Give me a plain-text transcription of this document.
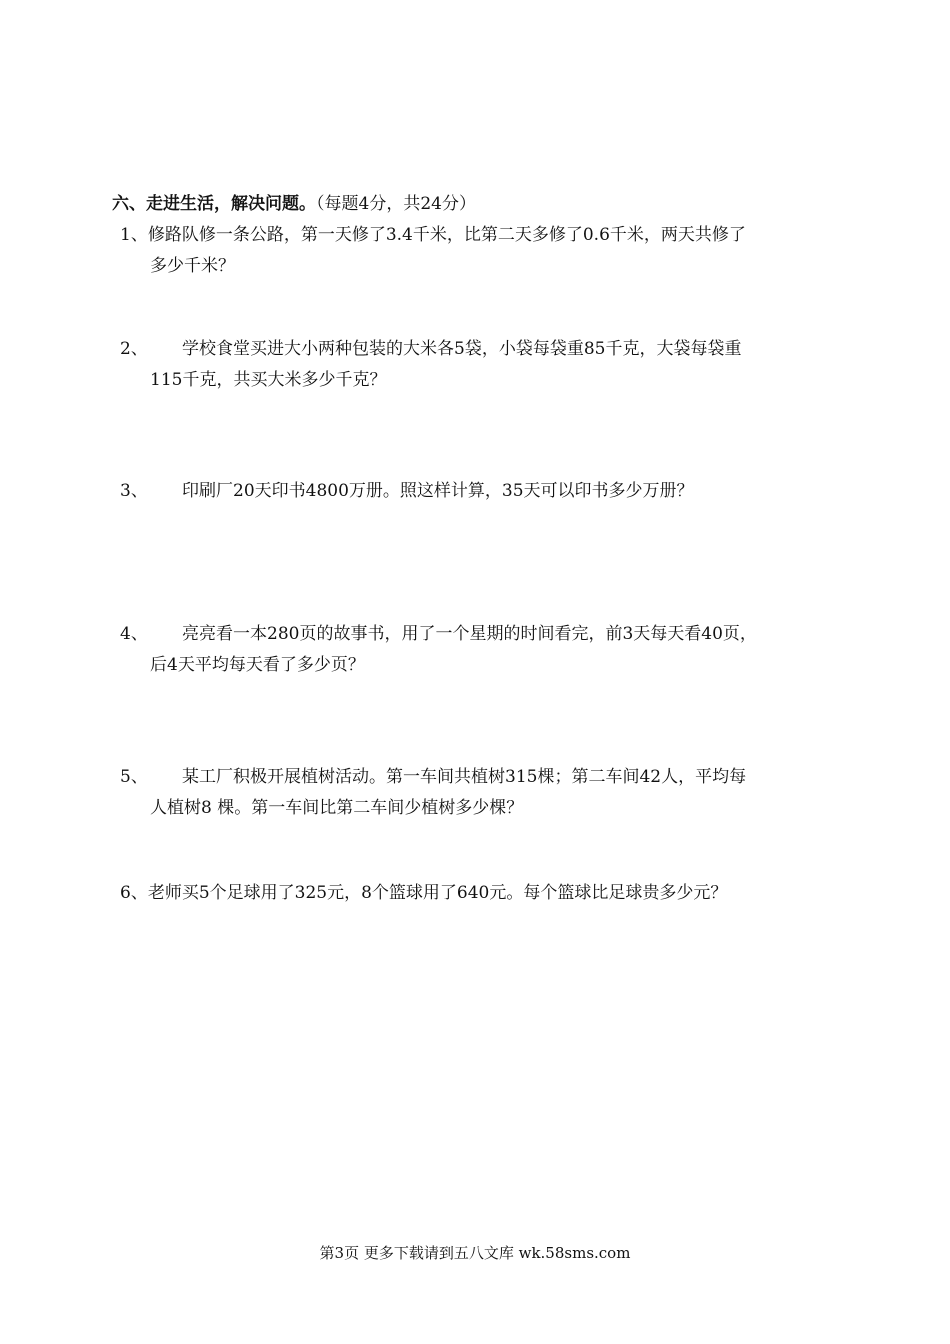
六、走进生活，解决问题。（每题4分，共24分）
1、修路队修一条公路，第一天修了3.4千米，比第二天多修了0.6千米，两天共修了
多少千米？
2、 学校食堂买进大小两种包装的大米各5袋，小袋每袋重85千克，大袋每袋重
115千克，共买大米多少千克？
3、 印刷厂20天印书4800万册。照这样计算，35天可以印书多少万册？
4、 亮亮看一本280页的故事书，用了一个星期的时间看完，前3天每天看40页，
后4天平均每天看了多少页？
5、 某工厂积极开展植树活动。第一车间共植树315棵；第二车间42人，平均每
人植树8 棵。第一车间比第二车间少植树多少棵？
6、老师买5个足球用了325元，8个篮球用了640元。每个篮球比足球贵多少元？
第3页 更多下载请到五八文库 wk.58sms.com
